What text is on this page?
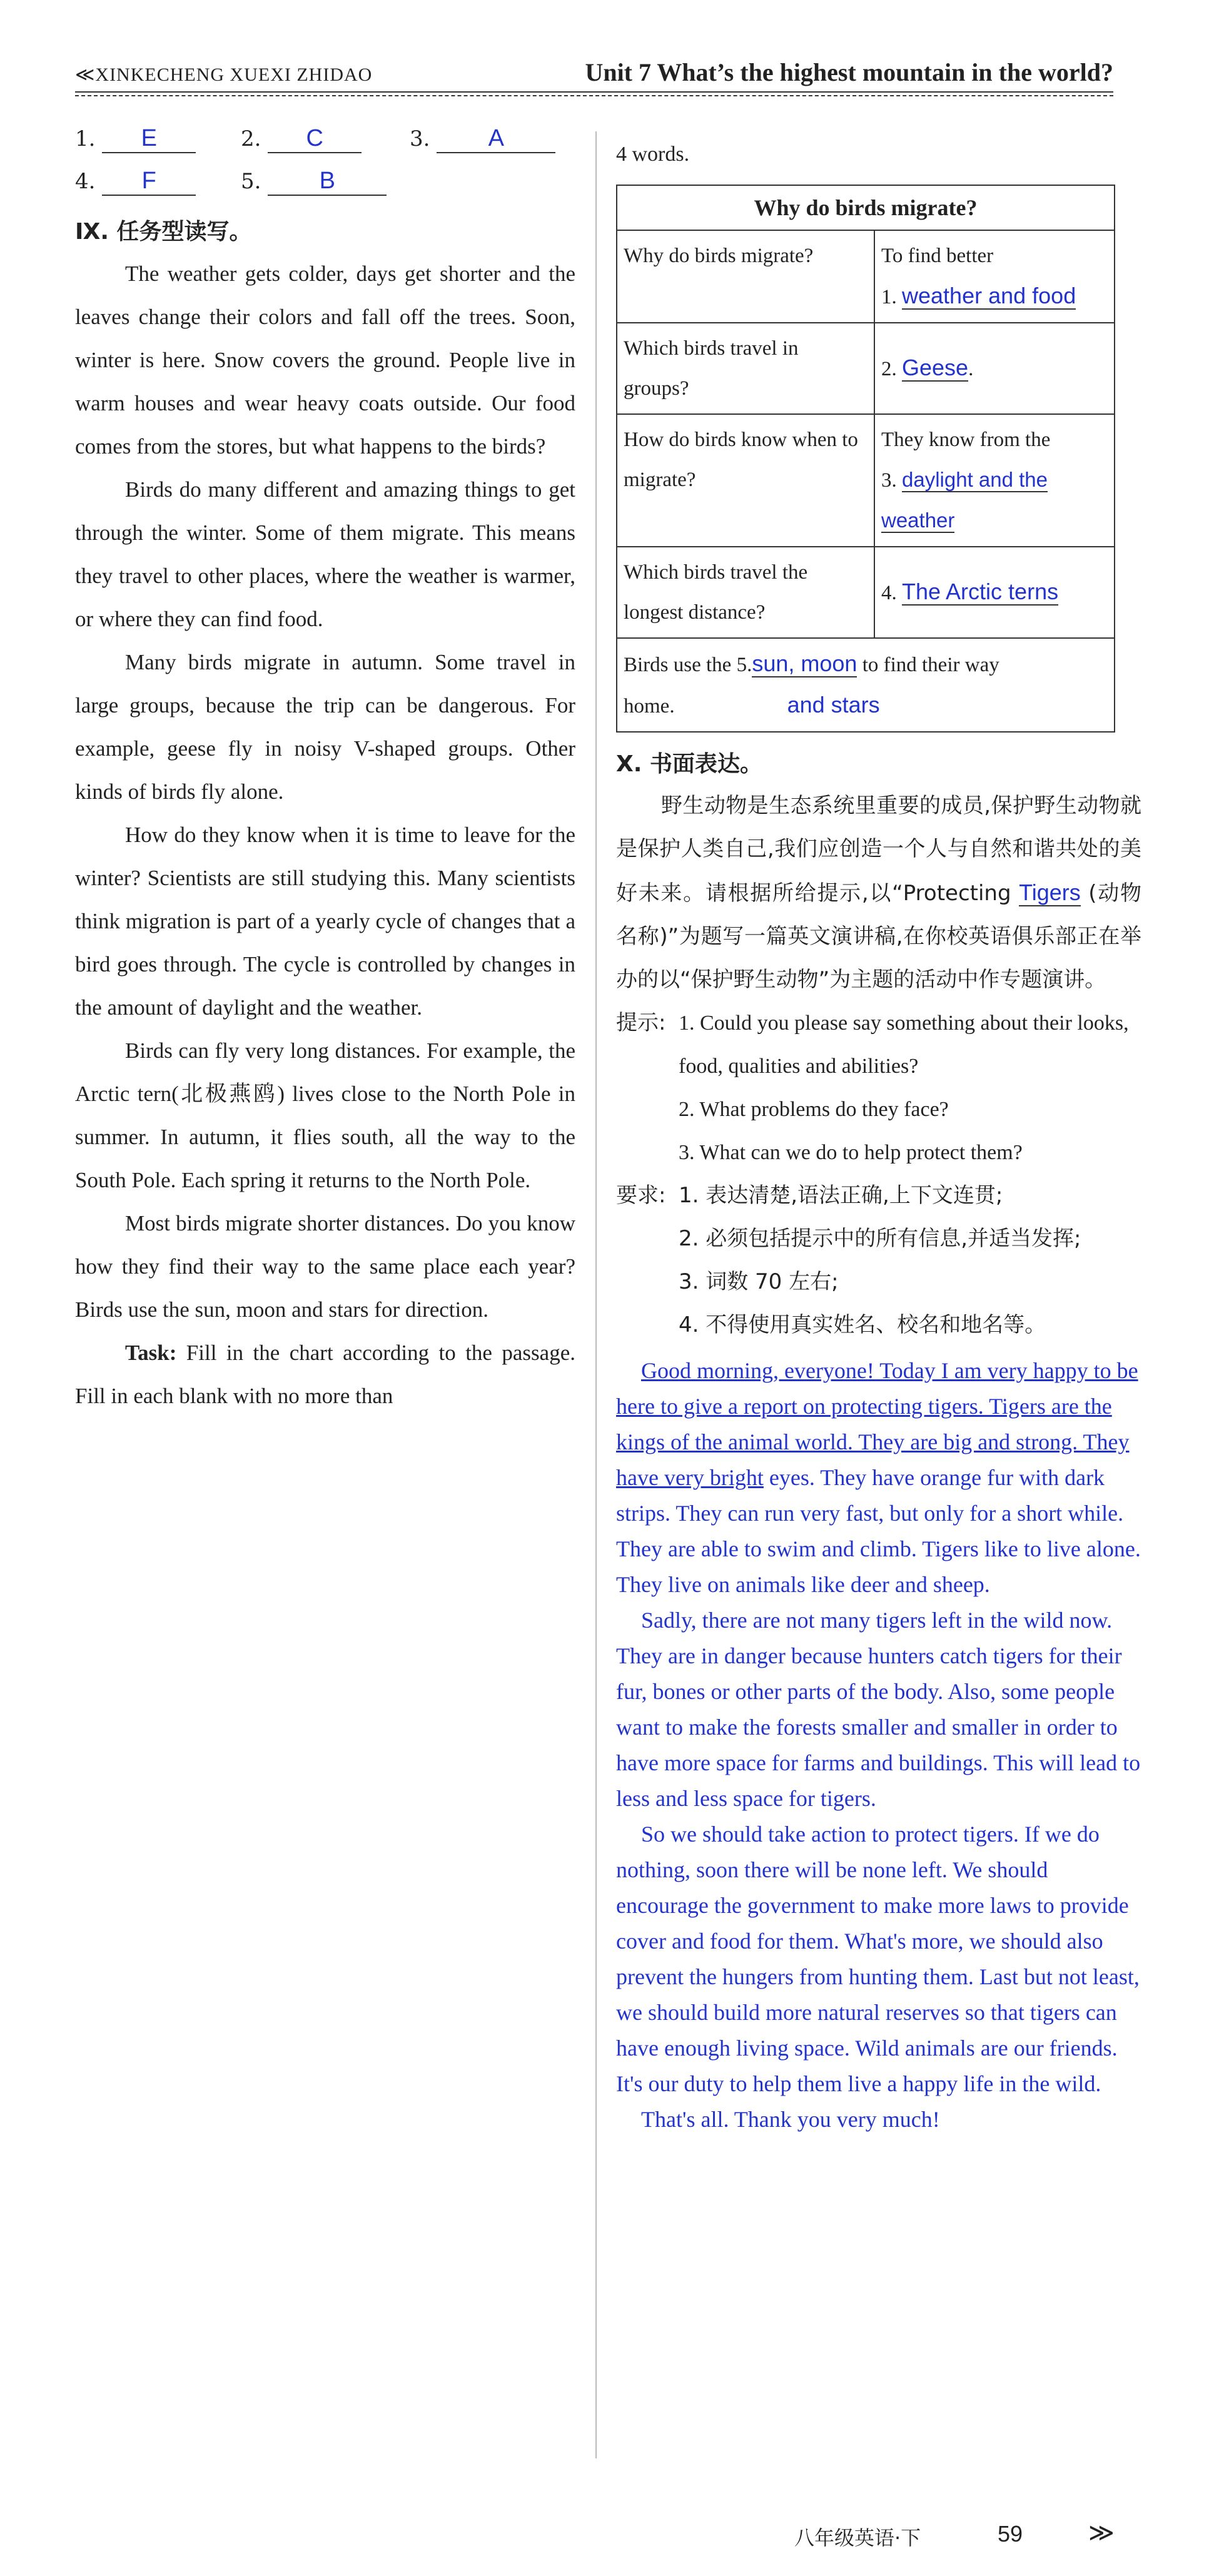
≪XINKECHENG XUEXI ZHIDAO	Unit 7 What’s the highest mountain in the world?
1. E	2. C	3. A
4. F	5. B
Ⅸ. 任务型读写。

The weather gets colder, days get shorter and the leaves change their colors and fall off the trees. Soon, winter is here. Snow covers the ground. People live in warm houses and wear heavy coats outside. Our food comes from the stores, but what happens to the birds?

Birds do many different and amazing things to get through the winter. Some of them migrate. This means they travel to other places, where the weather is warmer, or where they can find food.

Many birds migrate in autumn. Some travel in large groups, because the trip can be dangerous. For example, geese fly in noisy V-shaped groups. Other kinds of birds fly alone.

How do they know when it is time to leave for the winter? Scientists are still studying this. Many scientists think migration is part of a yearly cycle of changes that a bird goes through. The cycle is controlled by changes in the amount of daylight and the weather.

Birds can fly very long distances. For example, the Arctic tern(北极燕鸥) lives close to the North Pole in summer. In autumn, it flies south, all the way to the South Pole. Each spring it returns to the North Pole.

Most birds migrate shorter distances. Do you know how they find their way to the same place each year? Birds use the sun, moon and stars for direction.

Task: Fill in the chart according to the passage. Fill in each blank with no more than

4 words.
Why do birds migrate?	
Why do birds migrate?	To find better
1. weather and food
Which birds travel in groups?	2. Geese.
How do birds know when to migrate?	They know from the
3. daylight and the weather
Which birds travel the longest distance?	4. The Arctic terns

Birds use the 5.sun, moon to find their way
home. and stars	
Ⅹ. 书面表达。
野生动物是生态系统里重要的成员,保护野生动物就是保护人类自己,我们应创造一个人与自然和谐共处的美好未来。请根据所给提示,以“Protecting Tigers (动物名称)”为题写一篇英文演讲稿,在你校英语俱乐部正在举办的以“保护野生动物”为主题的活动中作专题演讲。
提示: 1. Could you please say something about their looks, food, qualities and abilities?
2. What problems do they face?
3. What can we do to help protect them?
要求: 1. 表达清楚,语法正确,上下文连贯;
2. 必须包括提示中的所有信息,并适当发挥;
3. 词数 70 左右;
4. 不得使用真实姓名、校名和地名等。

Good morning, everyone! Today I am very happy to be here to give a report on protecting tigers. Tigers are the kings of the animal world. They are big and strong. They have very bright eyes. They have orange fur with dark strips. They can run very fast, but only for a short while. They are able to swim and climb. Tigers like to live alone. They live on animals like deer and sheep.

Sadly, there are not many tigers left in the wild now. They are in danger because hunters catch tigers for their fur, bones or other parts of the body. Also, some people want to make the forests smaller and smaller in order to have more space for farms and buildings. This will lead to less and less space for tigers.

So we should take action to protect tigers. If we do nothing, soon there will be none left. We should encourage the government to make more laws to provide cover and food for them. What's more, we should also prevent the hungers from hunting them. Last but not least, we should build more natural reserves so that tigers can have enough living space. Wild animals are our friends. It's our duty to help them live a happy life in the wild.

That's all. Thank you very much!

八年级英语·下	59	≫
